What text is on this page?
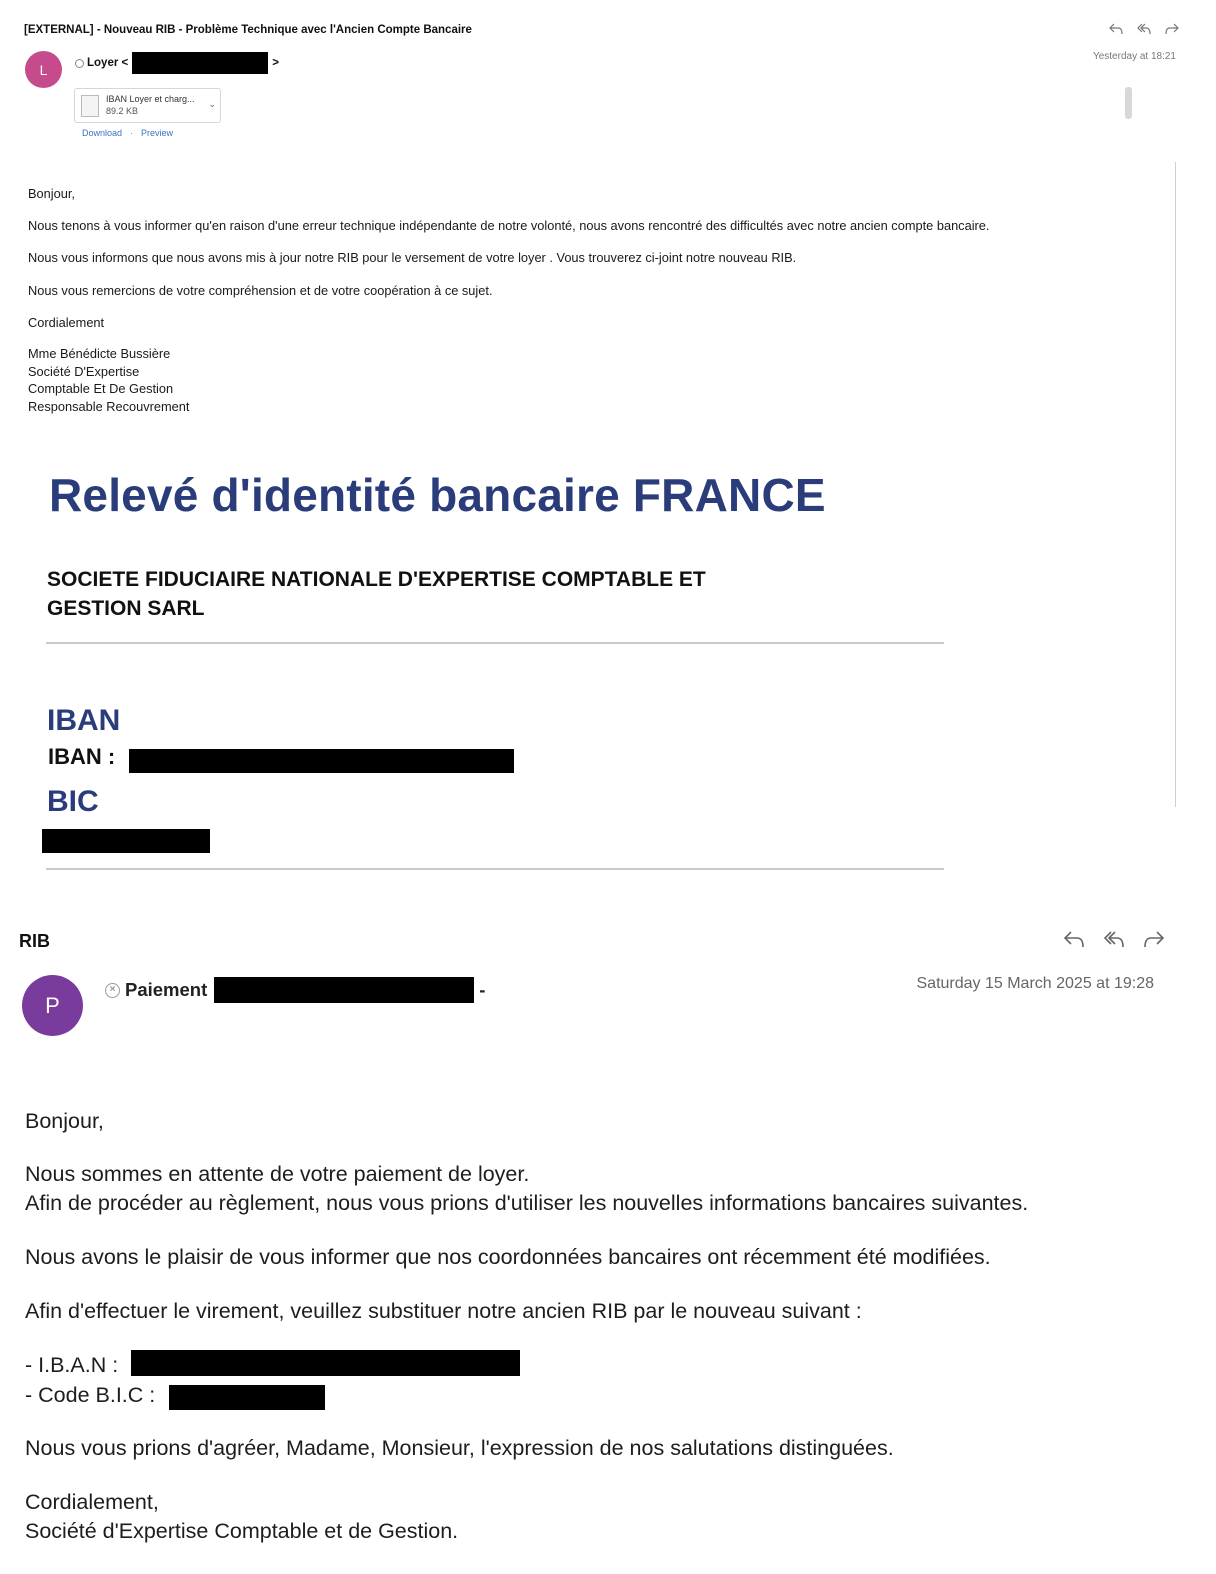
[EXTERNAL] - Nouveau RIB - Problème Technique avec l'Ancien Compte Bancaire
L	Loyer <	>
Yesterday at 18:21
IBAN Loyer et charg...
89.2 KB
⌄
Download · Preview
Bonjour,
Nous tenons à vous informer qu'en raison d'une erreur technique indépendante de notre volonté, nous avons rencontré des difficultés avec notre ancien compte bancaire.
Nous vous informons que nous avons mis à jour notre RIB pour le versement de votre loyer . Vous trouverez ci-joint notre nouveau RIB.
Nous vous remercions de votre compréhension et de votre coopération à ce sujet.
Cordialement
Mme Bénédicte Bussière
Société D'Expertise
Comptable Et De Gestion
Responsable Recouvrement
Relevé d'identité bancaire FRANCE
SOCIETE FIDUCIAIRE NATIONALE D'EXPERTISE COMPTABLE ET
GESTION SARL
IBAN
IBAN :
BIC
RIB
P
× Paiement	-	Saturday 15 March 2025 at 19:28
Bonjour,
Nous sommes en attente de votre paiement de loyer.
Afin de procéder au règlement, nous vous prions d'utiliser les nouvelles informations bancaires suivantes.
Nous avons le plaisir de vous informer que nos coordonnées bancaires ont récemment été modifiées.
Afin d'effectuer le virement, veuillez substituer notre ancien RIB par le nouveau suivant :
- I.B.A.N :
- Code B.I.C :
Nous vous prions d'agréer, Madame, Monsieur, l'expression de nos salutations distinguées.
Cordialement,
Société d'Expertise Comptable et de Gestion.
